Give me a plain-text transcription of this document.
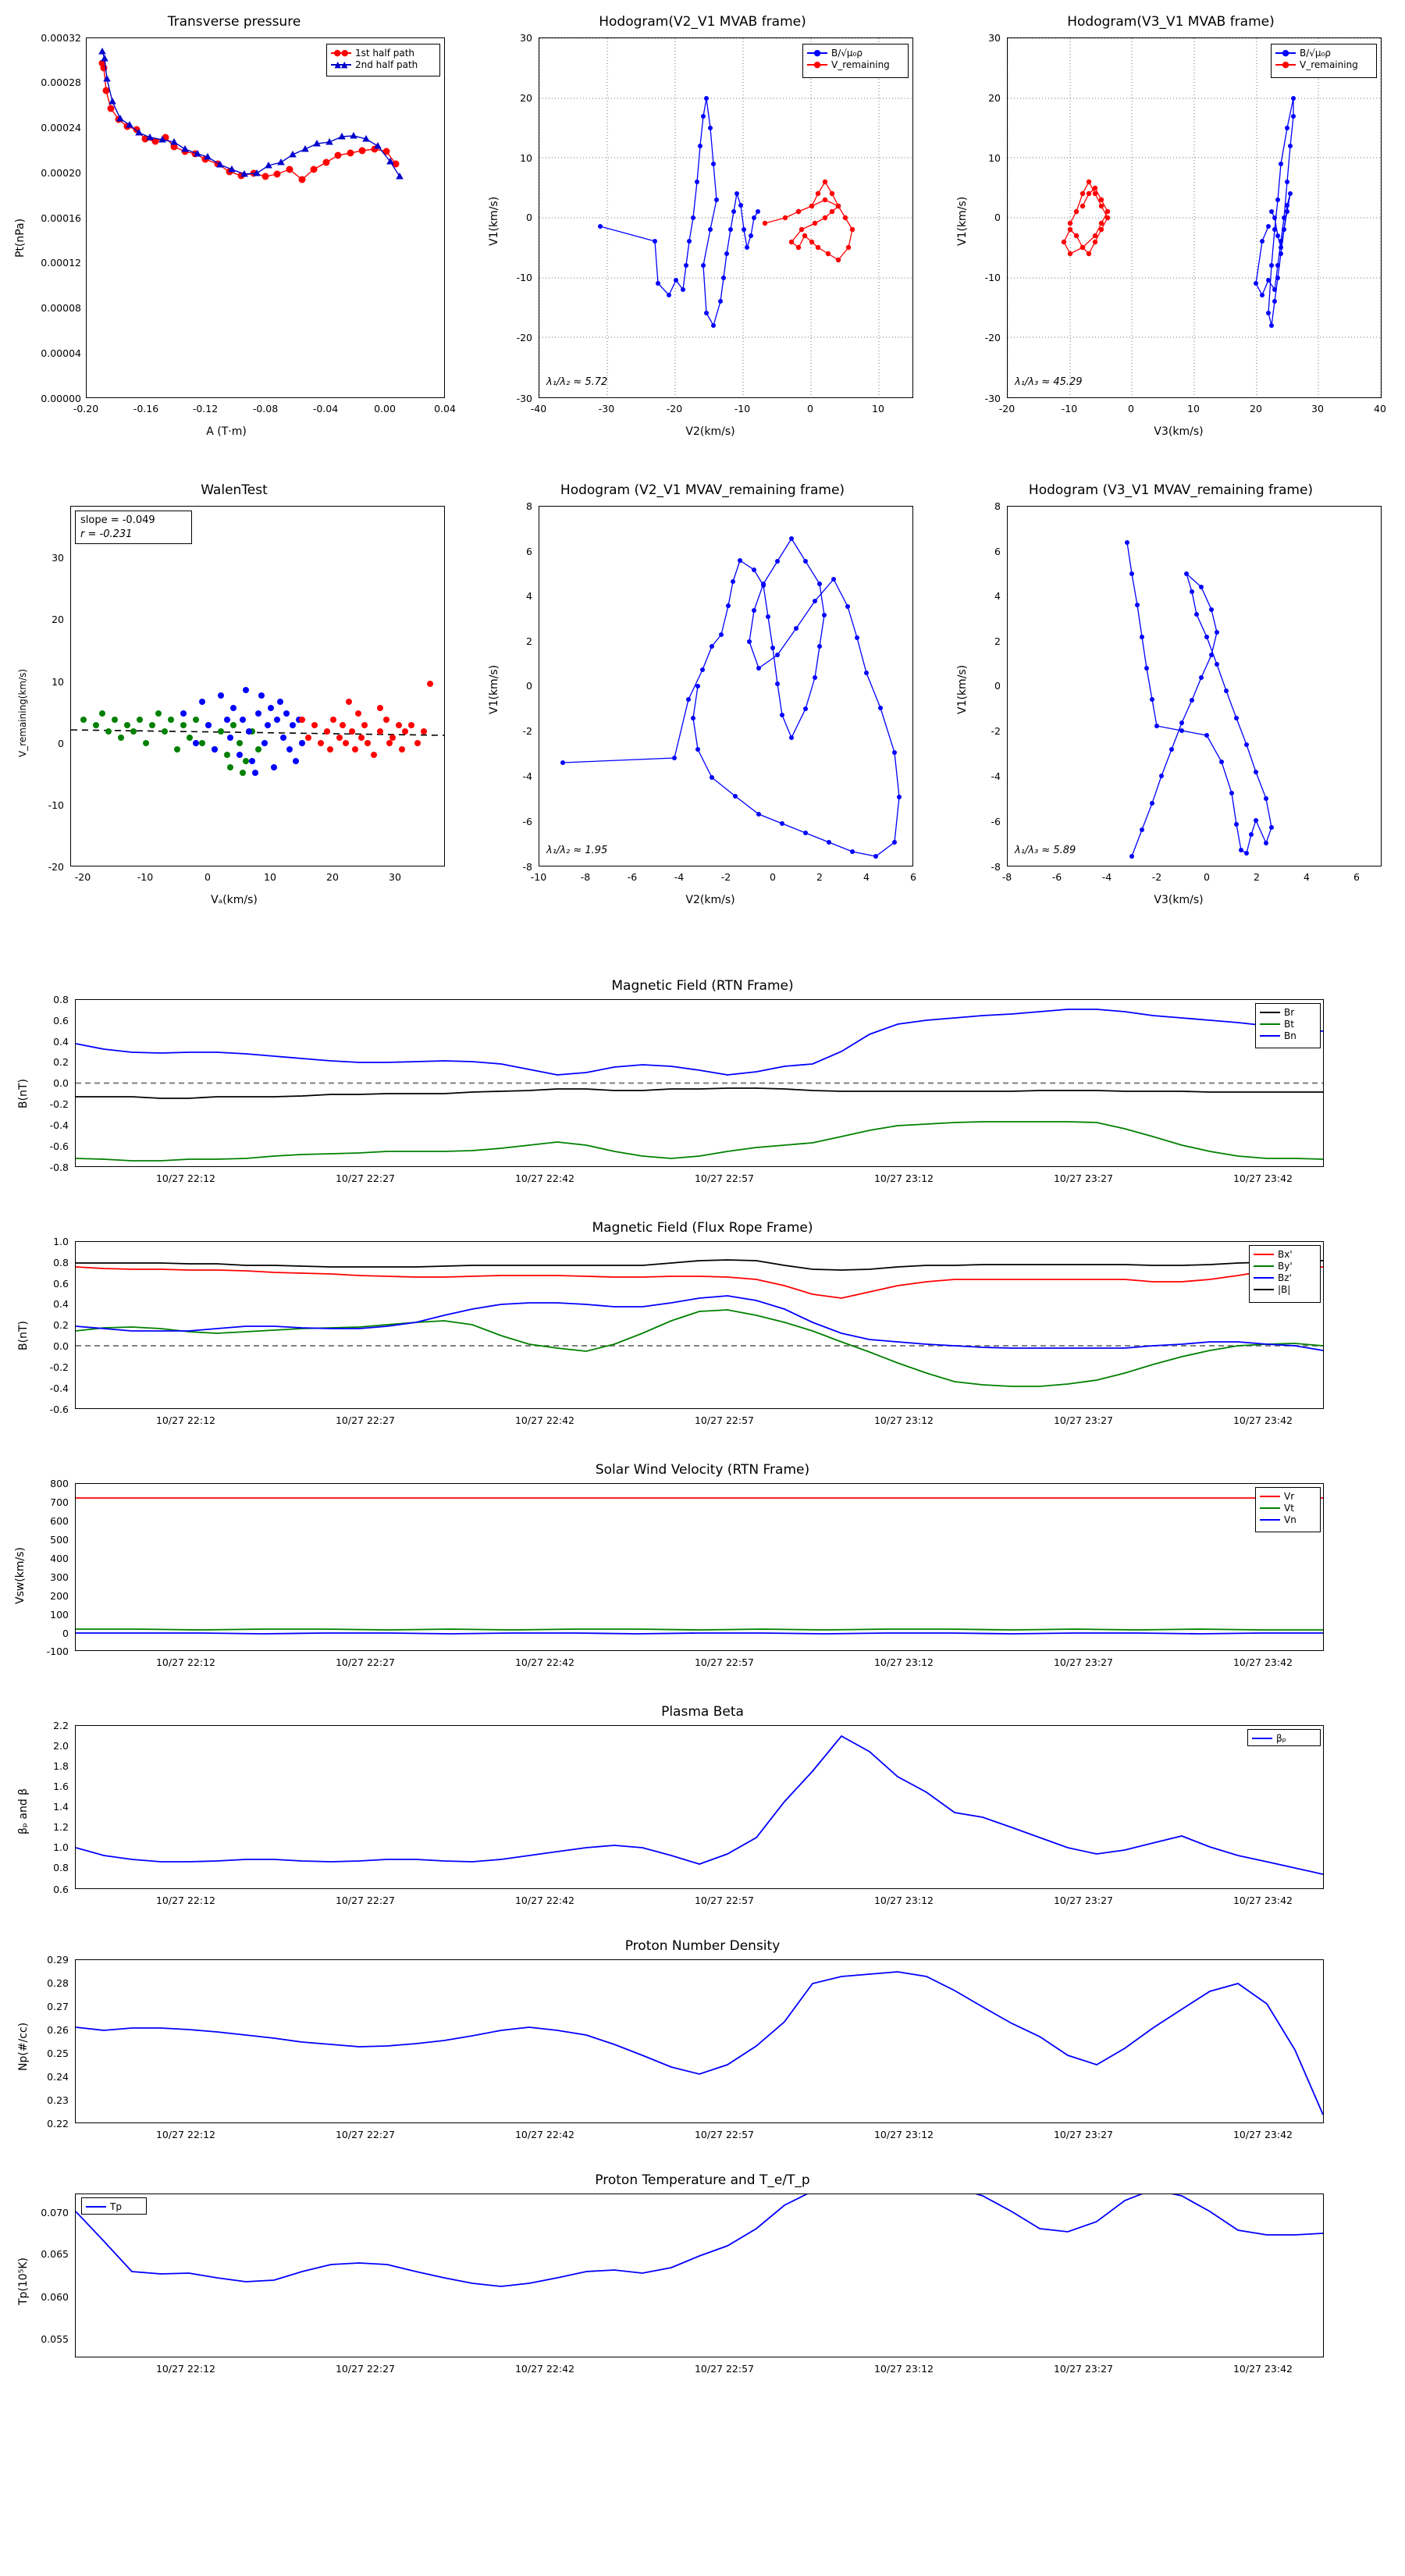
Transverse pressure
Pt(nPa)
A (T·m)
●● 1st half path
▲▲ 2nd half path
0.00032
0.00028
0.00024
0.00020
0.00016
0.00012
0.00008
0.00004
0.00000
-0.20	-0.16	-0.12	-0.08	-0.04	0.00	0.04
Hodogram(V2_V1 MVAB frame)
V1(km/s)
V2(km/s)
● B/√μ₀ρ
● V_remaining
λ₁/λ₂ ≈ 5.72
30
20
10
0
-10
-20
-30
-40	-30	-20	-10	0	10
Hodogram(V3_V1 MVAB frame)
V1(km/s)
V3(km/s)
● B/√μ₀ρ
● V_remaining
λ₁/λ₃ ≈ 45.29
30
20
10
0
-10
-20
-30
-20	-10	0	10	20	30	40
WalenTest
V_remaining(km/s)
Vₐ(km/s)
slope = -0.049
r = -0.231
30
20
10
0
-10
-20
-20	-10	0	10	20	30
Hodogram (V2_V1 MVAV_remaining frame)
V1(km/s)
V2(km/s)
λ₁/λ₂ ≈ 1.95
8
6
4
2
0
-2
-4
-6
-8
-10	-8	-6	-4	-2	0	2	4	6
Hodogram (V3_V1 MVAV_remaining frame)
V1(km/s)
V3(km/s)
λ₁/λ₃ ≈ 5.89
8
6
4
2
0
-2
-4
-6
-8
-8	-6	-4	-2	0	2	4	6
Magnetic Field (RTN Frame)
B(nT)
Br
Bt
Bn
0.8
0.6
0.4
0.2
0.0
-0.2
-0.4
-0.6
-0.8
10/27 22:12	10/27 22:27	10/27 22:42	10/27 22:57	10/27 23:12	10/27 23:27	10/27 23:42
Magnetic Field (Flux Rope Frame)
B(nT)
Bx'
By'
Bz'
|B|
1.0
0.8
0.6
0.4
0.2
0.0
-0.2
-0.4
-0.6
10/27 22:12	10/27 22:27	10/27 22:42	10/27 22:57	10/27 23:12	10/27 23:27	10/27 23:42
Solar Wind Velocity (RTN Frame)
Vsw(km/s)
Vr
Vt
Vn
800
700
600
500
400
300
200
100
0
-100
10/27 22:12	10/27 22:27	10/27 22:42	10/27 22:57	10/27 23:12	10/27 23:27	10/27 23:42
Plasma Beta
βₚ and β
βₚ
2.2
2.0
1.8
1.6
1.4
1.2
1.0
0.8
0.6
10/27 22:12	10/27 22:27	10/27 22:42	10/27 22:57	10/27 23:12	10/27 23:27	10/27 23:42
Proton Number Density
Np(#/cc)
0.29
0.28
0.27
0.26
0.25
0.24
0.23
0.22
10/27 22:12	10/27 22:27	10/27 22:42	10/27 22:57	10/27 23:12	10/27 23:27	10/27 23:42
Proton Temperature and T_e/T_p
Tp(10⁵K)
Tp
0.070
0.065
0.060
0.055
10/27 22:12	10/27 22:27	10/27 22:42	10/27 22:57	10/27 23:12	10/27 23:27	10/27 23:42
